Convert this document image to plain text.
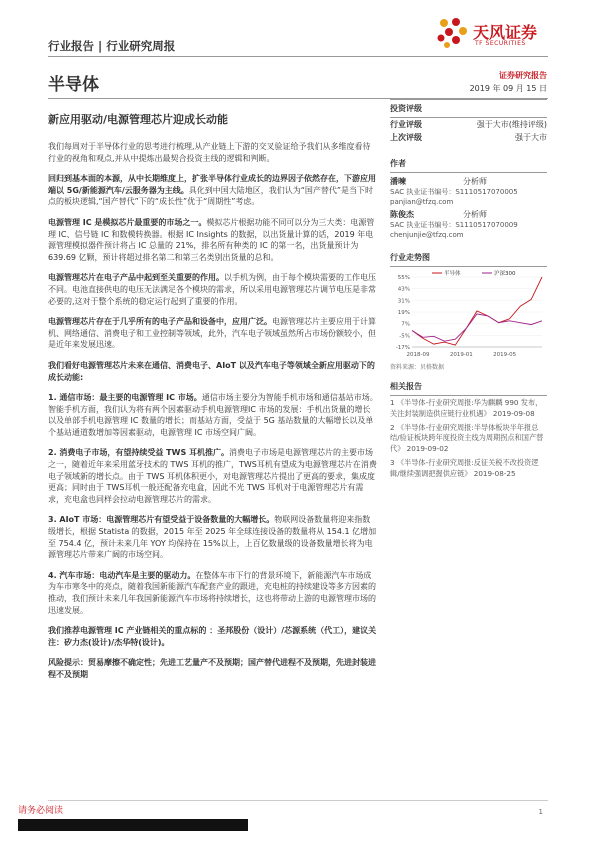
行业报告 | 行业研究周报
天风证券
TF SECURITIES
半导体
新应用驱动/电源管理芯片迎成长动能

我们每周对于半导体行业的思考进行梳理,从产业链上下游的交叉验证给予我们从多维度看待行业的视角和观点,并从中提炼出最契合投资主线的逻辑和判断。

回归到基本面的本源，从中长期维度上，扩张半导体行业成长的边界因子依然存在，下游应用端以 5G/新能源汽车/云服务器为主线。具化到中国大陆地区，我们认为“国产替代”是当下时点的板块逻辑,“国产替代”下的“成长性”优于“周期性”考虑。

电源管理 IC 是模拟芯片最重要的市场之一。模拟芯片根据功能不同可以分为三大类：电源管理 IC、信号链 IC 和数模转换器。根据 IC Insights 的数据，以出货量计算的话，2019 年电源管理模拟器件预计将占 IC 总量的 21%，排名所有种类的 IC 的第一名，出货量预计为 639.69 亿颗，预计将超过排名第二和第三名类别出货量的总和。

电源管理芯片在电子产品中起到至关重要的作用。以手机为例，由于每个模块需要的工作电压不同。电池直接供电的电压无法满足各个模块的需求，所以采用电源管理芯片调节电压是非常必要的,这对于整个系统的稳定运行起到了重要的作用。

电源管理芯片存在于几乎所有的电子产品和设备中，应用广泛。电源管理芯片主要应用于计算机、网络通信、消费电子和工业控制等领域，此外，汽车电子领域虽然所占市场份额较小，但是近年来发展迅速。

我们看好电源管理芯片未来在通信、消费电子、AIoT 以及汽车电子等领域全新应用驱动下的成长动能:

1. 通信市场：最主要的电源管理 IC 市场。通信市场主要分为智能手机市场和通信基站市场。智能手机方面，我们认为将有两个因素驱动手机电源管理IC 市场的发展：手机出货量的增长以及单部手机电源管理 IC 数量的增长；而基站方面，受益于 5G 基站数量的大幅增长以及单个基站通道数增加等因素驱动，电源管理 IC 市场空间广阔。

2. 消费电子市场，有望持续受益 TWS 耳机推广。消费电子市场是电源管理芯片的主要市场之一，随着近年来采用蓝牙技术的 TWS 耳机的推广，TWS耳机有望成为电源管理芯片在消费电子领域新的增长点。由于 TWS 耳机体积更小，对电源管理芯片提出了更高的要求，集成度更高；同时由于 TWS耳机一般还配备充电盒，因此不光 TWS 耳机对于电源管理芯片有需求，充电盒也同样会拉动电源管理芯片的需求。

3. AIoT 市场：电源管理芯片有望受益于设备数量的大幅增长。物联网设备数量将迎来指数级增长，根据 Statista 的数据，2015 年至 2025 年全球连接设备的数量将从 154.1 亿增加至 754.4 亿，预计未来几年 YOY 均保持在 15%以上，上百亿数量级的设备数量增长将为电源管理芯片带来广阔的市场空间。

4. 汽车市场：电动汽车是主要的驱动力。在整体车市下行的背景环境下，新能源汽车市场成为车市寒冬中的亮点，随着我国新能源汽车配套产业的跟进，充电桩的持续建设等多方因素的推动，我们预计未来几年我国新能源汽车市场将持续增长，这也将带动上游的电源管理市场的迅速发展。

我们推荐电源管理 IC 产业链相关的重点标的 ：圣邦股份（设计）/芯源系统（代工），建议关注：矽力杰(设计)/杰华特(设计)。

风险提示：贸易摩擦不确定性；先进工艺量产不及预期；国产替代进程不及预期，先进封装进程不及预期

证券研究报告
2019 年 09 月 15 日
投资评级
行业评级	强于大市(维持评级)
上次评级	强于大市
作者
潘暕	分析师
SAC 执业证书编号：S1110517070005
panjian@tfzq.com
陈俊杰	分析师
SAC 执业证书编号：S1110517070009
chenjunjie@tfzq.com
行业走势图
55%
43%
31%
19%
7%
-5%
-17%
2018-09	2019-01	2019-05
半导体	沪深300
资料来源：贝格数据
相关报告
1 《半导体-行业研究周报:华为麒麟 990 发布，关注封装制造供应链行业机遇》 2019-09-08
2 《半导体-行业研究周报:半导体板块半年报总结/验证板块跨年度投资主线为周期拐点和国产替代》 2019-09-02
3 《半导体-行业研究周报:反征关税不改投资逻辑/继续强调把握供应链》 2019-08-25
请务必阅读	1
